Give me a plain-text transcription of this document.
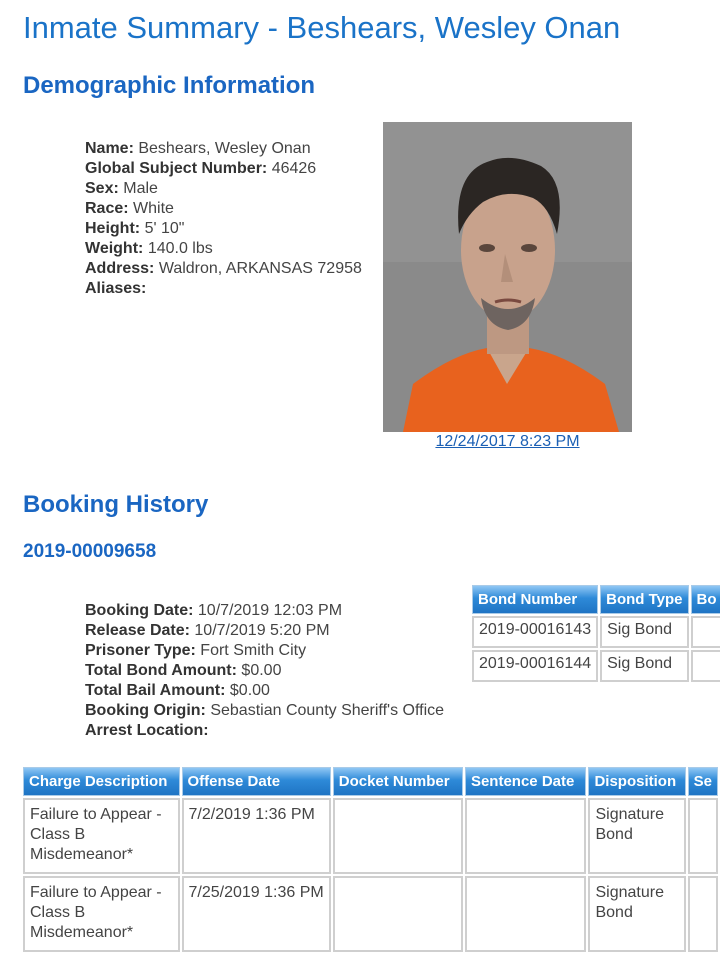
Inmate Summary - Beshears, Wesley Onan
Demographic Information
Name: Beshears, Wesley Onan
Global Subject Number: 46426
Sex: Male
Race: White
Height: 5' 10"
Weight: 140.0 lbs
Address: Waldron, ARKANSAS 72958
Aliases:
12/24/2017 8:23 PM
Booking History
2019-00009658
Booking Date: 10/7/2019 12:03 PM
Release Date: 10/7/2019 5:20 PM
Prisoner Type: Fort Smith City
Total Bond Amount: $0.00
Total Bail Amount: $0.00
Booking Origin: Sebastian County Sheriff's Office
Arrest Location:
Bond Number	Bond Type	Bo
2019-00016143	Sig Bond	
2019-00016144	Sig Bond	
Charge Description	Offense Date	Docket Number	Sentence Date	Disposition	Se
Failure to Appear - Class B Misdemeanor*	7/2/2019 1:36 PM			Signature Bond	
Failure to Appear - Class B Misdemeanor*	7/25/2019 1:36 PM			Signature Bond	
